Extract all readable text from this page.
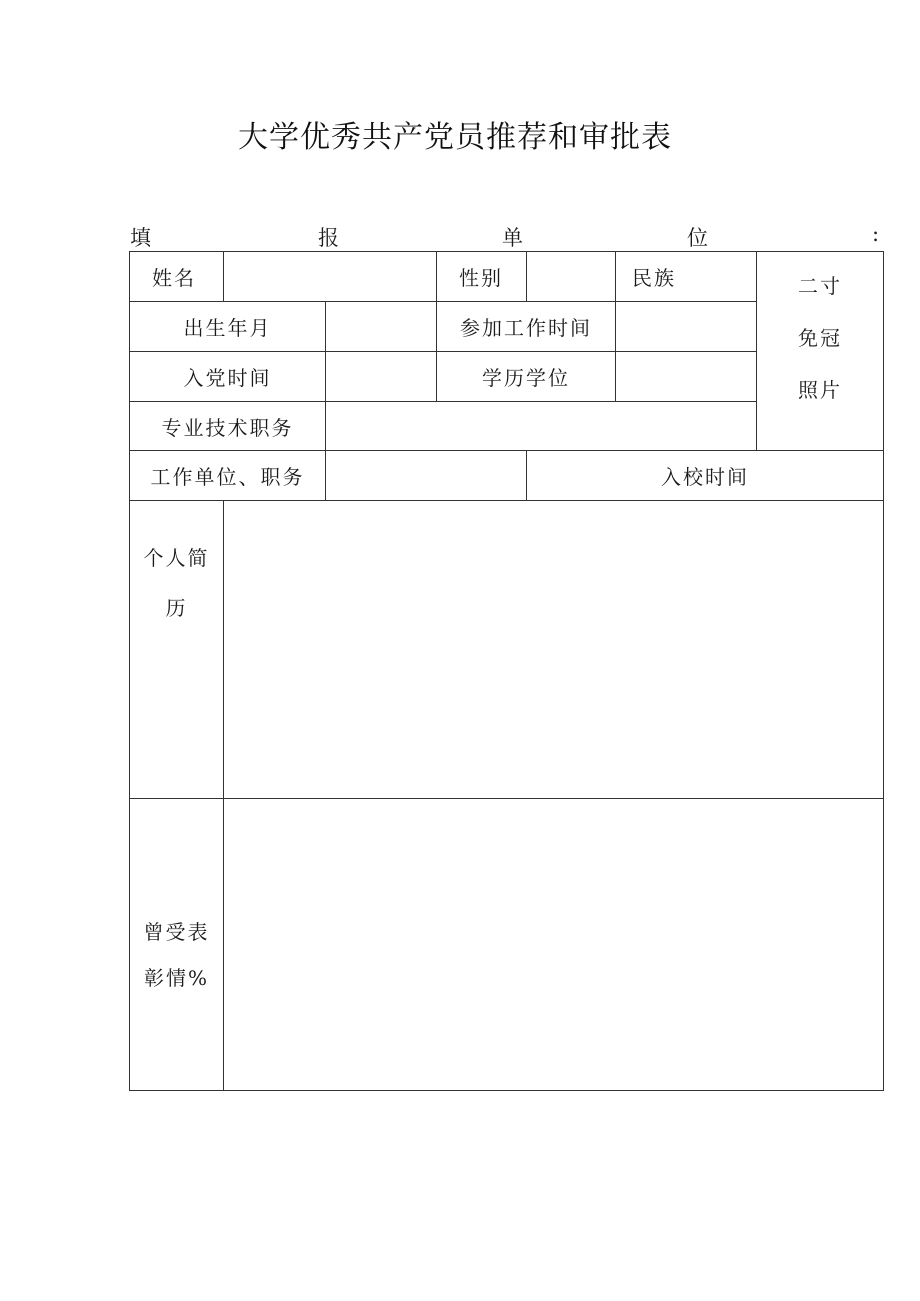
大学优秀共产党员推荐和审批表
填	报	单	位	:
姓名			性别		民族	二寸
免冠
照片

出生年月			参加工作时间			
入党时间			学历学位			
专业技术职务						
工作单位、职务				入校时间		

个人简
历						

曾受表
彰情%						
